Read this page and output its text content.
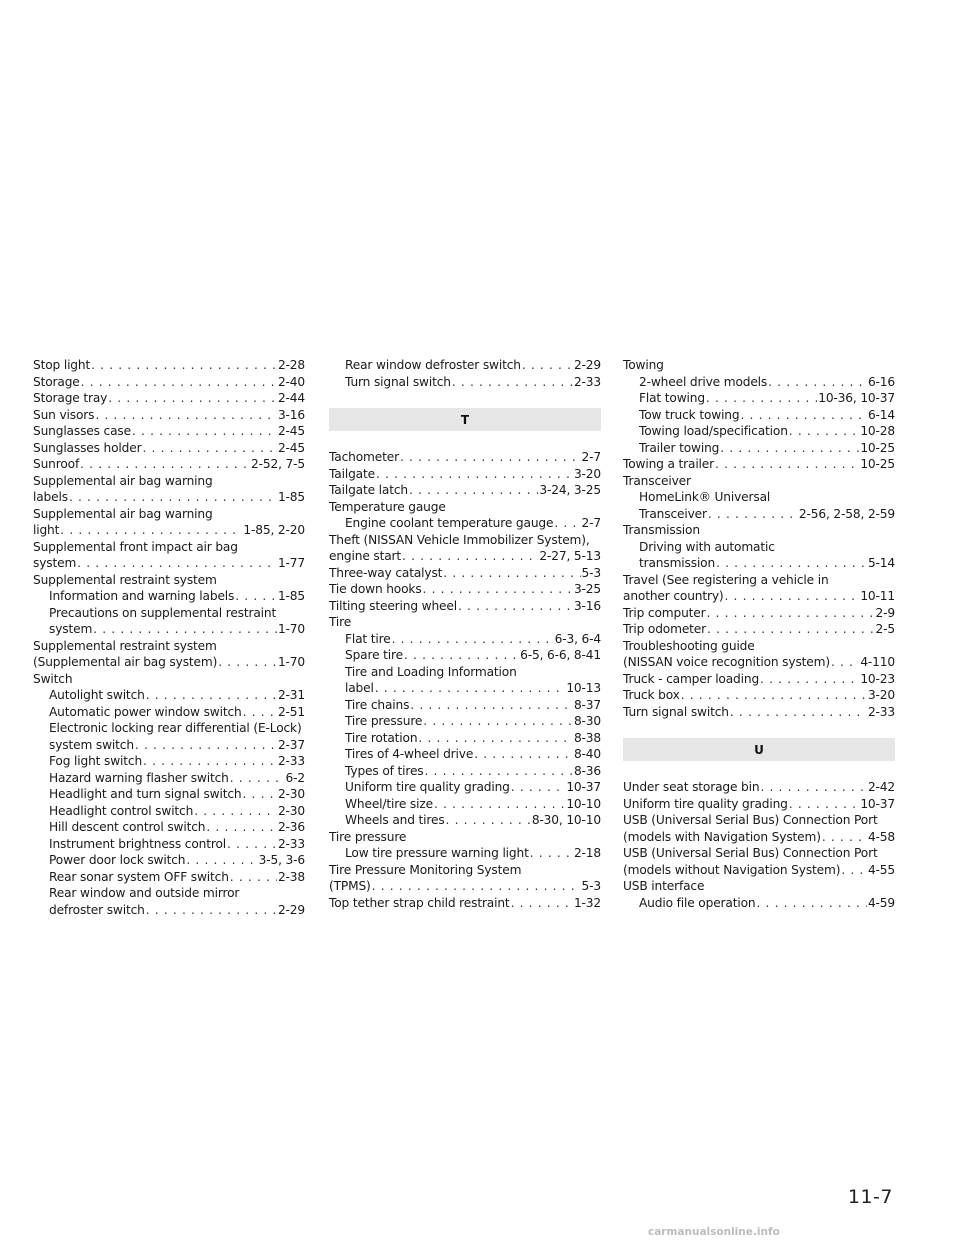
Stop light . . .	2-28
Storage . . .	2-40
Storage tray . . .	2-44
Sun visors . . .	3-16
Sunglasses case . . .	2-45
Sunglasses holder . . .	2-45
Sunroof . . .	2-52, 7-5
Supplemental air bag warning
labels . . .	1-85
Supplemental air bag warning
light . . .	1-85, 2-20
Supplemental front impact air bag
system . . .	1-77
Supplemental restraint system
Information and warning labels . . .	1-85
Precautions on supplemental restraint
system . . .	1-70
Supplemental restraint system
(Supplemental air bag system) . . .	1-70
Switch
Autolight switch . . .	2-31
Automatic power window switch . . .	2-51
Electronic locking rear differential (E-Lock)
system switch . . .	2-37
Fog light switch . . .	2-33
Hazard warning flasher switch . . .	6-2
Headlight and turn signal switch . . .	2-30
Headlight control switch . . .	2-30
Hill descent control switch . . .	2-36
Instrument brightness control . . .	2-33
Power door lock switch . . .	3-5, 3-6
Rear sonar system OFF switch . . .	2-38
Rear window and outside mirror
defroster switch . . .	2-29
Rear window defroster switch . . .	2-29
Turn signal switch . . .	2-33
T
Tachometer . . .	2-7
Tailgate . . .	3-20
Tailgate latch . . .	3-24, 3-25
Temperature gauge
Engine coolant temperature gauge . . . 2-7
Theft (NISSAN Vehicle Immobilizer System),
engine start . . .	2-27, 5-13
Three-way catalyst . . .	5-3
Tie down hooks . . .	3-25
Tilting steering wheel . . .	3-16
Tire
Flat tire . . .	6-3, 6-4
Spare tire . . .	6-5, 6-6, 8-41
Tire and Loading Information
label . . .	10-13
Tire chains . . .	8-37
Tire pressure . . .	8-30
Tire rotation . . .	8-38
Tires of 4-wheel drive . . .	8-40
Types of tires . . .	8-36
Uniform tire quality grading . . .	10-37
Wheel/tire size . . .	10-10
Wheels and tires . . .	8-30, 10-10
Tire pressure
Low tire pressure warning light . . .	2-18
Tire Pressure Monitoring System
(TPMS) . . .	5-3
Top tether strap child restraint . . .	1-32
Towing
2-wheel drive models . . .	6-16
Flat towing . . .	10-36, 10-37
Tow truck towing . . .	6-14
Towing load/specification . . .	10-28
Trailer towing . . .	10-25
Towing a trailer . . .	10-25
Transceiver
HomeLink® Universal
Transceiver . . .	2-56, 2-58, 2-59
Transmission
Driving with automatic
transmission . . .	5-14
Travel (See registering a vehicle in
another country) . . .	10-11
Trip computer . . .	2-9
Trip odometer . . .	2-5
Troubleshooting guide
(NISSAN voice recognition system) . . . 4-110
Truck - camper loading . . .	10-23
Truck box . . .	3-20
Turn signal switch . . .	2-33
U
Under seat storage bin . . .	2-42
Uniform tire quality grading . . .	10-37
USB (Universal Serial Bus) Connection Port
(models with Navigation System) . . .	4-58
USB (Universal Serial Bus) Connection Port
(models without Navigation System) . . . 4-55
USB interface
Audio file operation . . .	4-59
11-7
carmanualsonline.info
